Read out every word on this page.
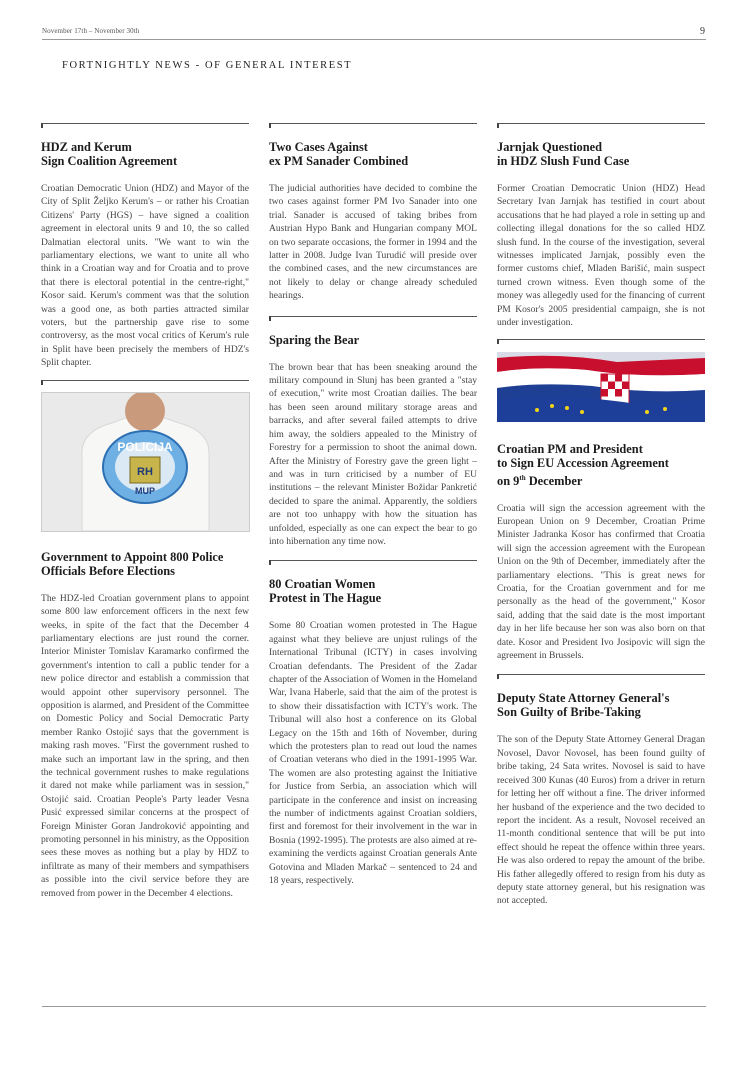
November 17th – November 30th	9
FORTNIGHTLY NEWS - OF GENERAL INTEREST
HDZ and Kerum
Sign Coalition Agreement

Croatian Democratic Union (HDZ) and Mayor of the City of Split Željko Kerum's – or rather his Croatian Citizens' Party (HGS) – have signed a coalition agreement in electoral units 9 and 10, the so called Dalmatian electoral units. "We want to win the parliamentary elections, we want to unite all who think in a Croatian way and for Croatia and to prove that there is electoral potential in the centre-right," Kosor said. Kerum's comment was that the solution was a good one, as both parties attracted similar voters, but the partnership gave rise to some controversy, as the most vocal critics of Kerum's rule in Split have been precisely the members of HDZ's Split chapter.

POLICIJA
RH
MUP
Government to Appoint 800 Police
Officials Before Elections

The HDZ-led Croatian government plans to appoint some 800 law enforcement officers in the next few weeks, in spite of the fact that the December 4 parliamentary elections are just round the corner. Interior Minister Tomislav Karamarko confirmed the government's intention to call a public tender for a new police director and establish a commission that would appoint other supervisory personnel. The opposition is alarmed, and President of the Committee on Domestic Policy and Social Democratic Party member Ranko Ostojić says that the government is making rash moves. "First the government rushed to make such an important law in the spring, and then the technical government rushes to make regulations it dared not make while parliament was in session," Ostojić said. Croatian People's Party leader Vesna Pusić expressed similar concerns at the prospect of Foreign Minister Goran Jandroković appointing and promoting personnel in his ministry, as the Opposition sees these moves as nothing but a play by HDZ to infiltrate as many of their members and sympathisers as possible into the civil service before they are removed from power in the December 4 elections.

Two Cases Against
ex PM Sanader Combined

The judicial authorities have decided to combine the two cases against former PM Ivo Sanader into one trial. Sanader is accused of taking bribes from Austrian Hypo Bank and Hungarian company MOL on two separate occasions, the former in 1994 and the latter in 2008. Judge Ivan Turudić will preside over the combined cases, and the new circumstances are not likely to delay or change already scheduled hearings.

Sparing the Bear

The brown bear that has been sneaking around the military compound in Slunj has been granted a "stay of execution," write most Croatian dailies. The bear has been seen around military storage areas and barracks, and after several failed attempts to drive him away, the soldiers appealed to the Ministry of Forestry for a permission to shoot the animal down. After the Ministry of Forestry gave the green light – and was in turn criticised by a number of EU institutions – the relevant Minister Božidar Pankretić decided to spare the animal. Apparently, the soldiers are not too unhappy with how the situation has unfolded, especially as one can expect the bear to go into hibernation any time now.

80 Croatian Women
Protest in The Hague

Some 80 Croatian women protested in The Hague against what they believe are unjust rulings of the International Tribunal (ICTY) in cases involving Croatian defendants. The President of the Zadar chapter of the Association of Women in the Homeland War, Ivana Haberle, said that the aim of the protest is to show their dissatisfaction with ICTY's work. The Tribunal will also host a conference on its Global Legacy on the 15th and 16th of November, during which the protesters plan to read out loud the names of Croatian veterans who died in the 1991-1995 War. The women are also protesting against the Initiative for Justice from Serbia, an association which will participate in the conference and insist on increasing the number of indictments against Croatian soldiers, first and foremost for their involvement in the war in Bosnia (1992-1995). The protests are also aimed at re-examining the verdicts against Croatian generals Ante Gotovina and Mladen Markač – sentenced to 24 and 18 years, respectively.

Jarnjak Questioned
in HDZ Slush Fund Case

Former Croatian Democratic Union (HDZ) Head Secretary Ivan Jarnjak has testified in court about accusations that he had played a role in setting up and collecting illegal donations for the so called HDZ slush fund. In the course of the investigation, several witnesses implicated Jarnjak, possibly even the former customs chief, Mladen Barišić, main suspect turned crown witness. Even though some of the money was allegedly used for the financing of current PM Kosor's 2005 presidential campaign, she is not under investigation.

Croatian PM and President
to Sign EU Accession Agreement
on 9th December

Croatia will sign the accession agreement with the European Union on 9 December, Croatian Prime Minister Jadranka Kosor has confirmed that Croatia will sign the accession agreement with the European Union on the 9th of December, immediately after the parliamentary elections. "This is great news for Croatia, for the Croatian government and for me personally as the head of the government," Kosor said, adding that the said date is the most important day in her life because her son was also born on that date. Kosor and President Ivo Josipovic will sign the agreement in Brussels.

Deputy State Attorney General's
Son Guilty of Bribe-Taking

The son of the Deputy State Attorney General Dragan Novosel, Davor Novosel, has been found guilty of bribe taking, 24 Sata writes. Novosel is said to have received 300 Kunas (40 Euros) from a driver in return for letting her off without a fine. The driver informed her husband of the experience and the two decided to report the incident. As a result, Novosel received an 11-month conditional sentence that will be put into effect should he repeat the offence within three years. He was also ordered to repay the amount of the bribe. His father allegedly offered to resign from his duty as deputy state attorney general, but his resignation was not accepted.
